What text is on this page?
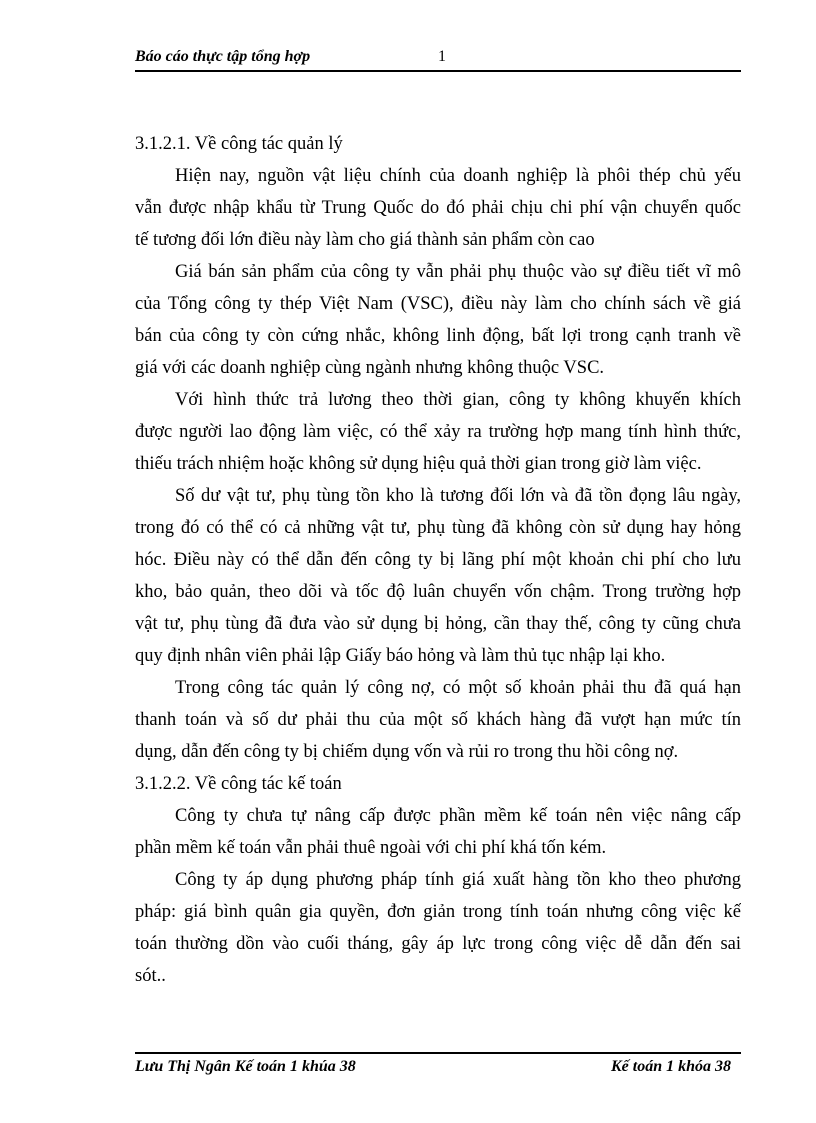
Báo cáo thực tập tổng hợp	1
3.1.2.1. Về công tác quản lý
Hiện nay, nguồn vật liệu chính của doanh nghiệp là phôi thép chủ yếu
vẫn được nhập khẩu từ Trung Quốc do đó phải chịu chi phí vận chuyển quốc
tế tương đối lớn điều này làm cho giá thành sản phẩm còn cao
Giá bán sản phẩm của công ty vẫn phải phụ thuộc vào sự điều tiết vĩ mô
của Tổng công ty thép Việt Nam (VSC), điều này làm cho chính sách về giá
bán của công ty còn cứng nhắc, không linh động, bất lợi trong cạnh tranh về
giá với các doanh nghiệp cùng ngành nhưng không thuộc VSC.
Với hình thức trả lương theo thời gian, công ty không khuyến khích
được người lao động làm việc, có thể xảy ra trường hợp mang tính hình thức,
thiếu trách nhiệm hoặc không sử dụng hiệu quả thời gian trong giờ làm việc.
Số dư vật tư, phụ tùng tồn kho là tương đối lớn và đã tồn đọng lâu ngày,
trong đó có thể có cả những vật tư, phụ tùng đã không còn sử dụng hay hỏng
hóc. Điều này có thể dẫn đến công ty bị lãng phí một khoản chi phí cho lưu
kho, bảo quản, theo dõi và tốc độ luân chuyển vốn chậm. Trong trường hợp
vật tư, phụ tùng đã đưa vào sử dụng bị hỏng, cần thay thế, công ty cũng chưa
quy định nhân viên phải lập Giấy báo hỏng và làm thủ tục nhập lại kho.
Trong công tác quản lý công nợ, có một số khoản phải thu đã quá hạn
thanh toán và số dư phải thu của một số khách hàng đã vượt hạn mức tín
dụng, dẫn đến công ty bị chiếm dụng vốn và rủi ro trong thu hồi công nợ.
3.1.2.2. Về công tác kế toán
Công ty chưa tự nâng cấp được phần mềm kế toán nên việc nâng cấp
phần mềm kế toán vẫn phải thuê ngoài với chi phí khá tốn kém.
Công ty áp dụng phương pháp tính giá xuất hàng tồn kho theo phương
pháp: giá bình quân gia quyền, đơn giản trong tính toán nhưng công việc kế
toán thường dồn vào cuối tháng, gây áp lực trong công việc dễ dẫn đến sai
sót..
Lưu Thị Ngân Kế toán 1 khúa 38	Kế toán 1 khóa 38
